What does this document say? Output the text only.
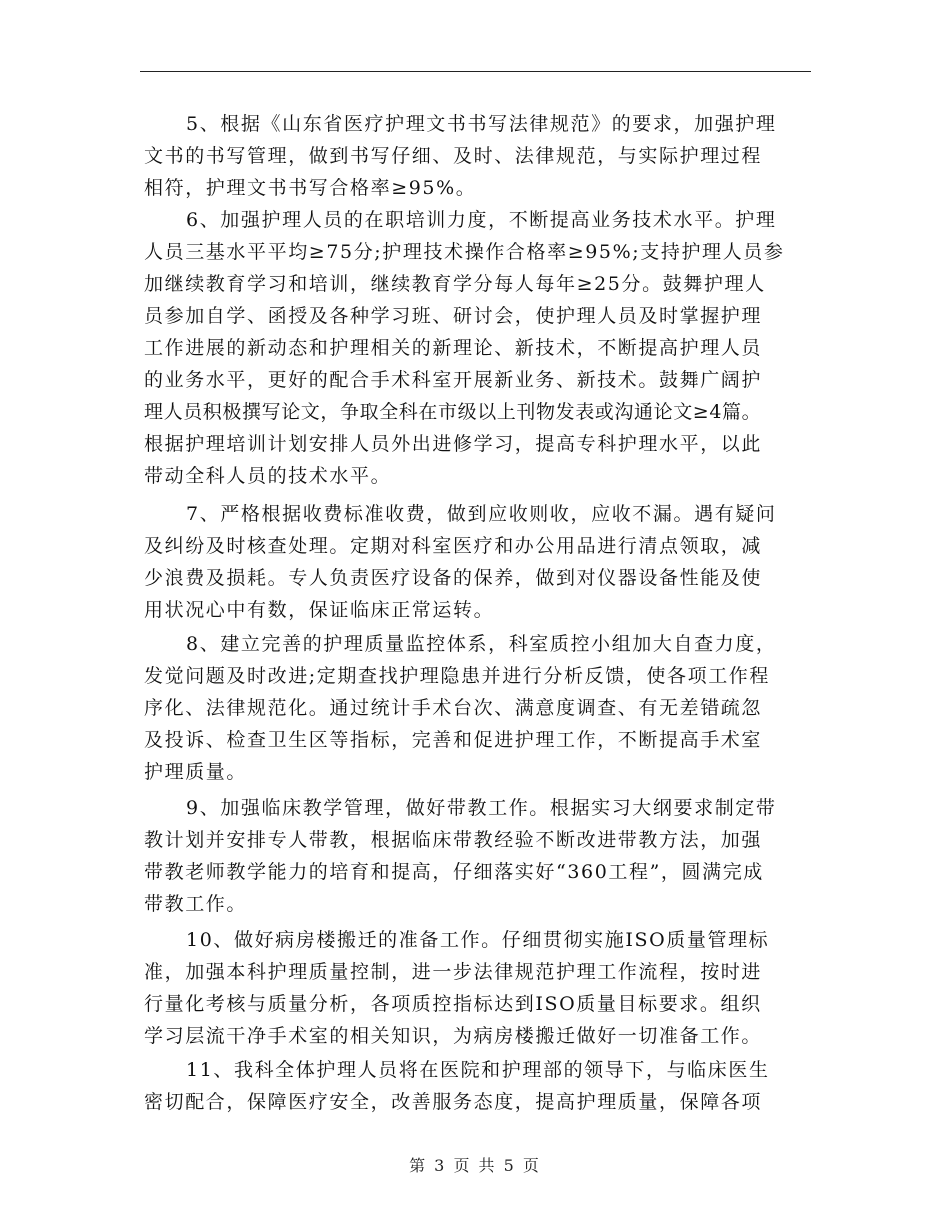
5、根据《山东省医疗护理文书书写法律规范》的要求，加强护理
文书的书写管理，做到书写仔细、及时、法律规范，与实际护理过程
相符，护理文书书写合格率≥95%。
6、加强护理人员的在职培训力度，不断提高业务技术水平。护理
人员三基水平平均≥75分;护理技术操作合格率≥95%;支持护理人员参
加继续教育学习和培训，继续教育学分每人每年≥25分。鼓舞护理人
员参加自学、函授及各种学习班、研讨会，使护理人员及时掌握护理
工作进展的新动态和护理相关的新理论、新技术，不断提高护理人员
的业务水平，更好的配合手术科室开展新业务、新技术。鼓舞广阔护
理人员积极撰写论文，争取全科在市级以上刊物发表或沟通论文≥4篇。
根据护理培训计划安排人员外出进修学习，提高专科护理水平，以此
带动全科人员的技术水平。
7、严格根据收费标准收费，做到应收则收，应收不漏。遇有疑问
及纠纷及时核查处理。定期对科室医疗和办公用品进行清点领取，减
少浪费及损耗。专人负责医疗设备的保养，做到对仪器设备性能及使
用状况心中有数，保证临床正常运转。
8、建立完善的护理质量监控体系，科室质控小组加大自查力度，
发觉问题及时改进;定期查找护理隐患并进行分析反馈，使各项工作程
序化、法律规范化。通过统计手术台次、满意度调查、有无差错疏忽
及投诉、检查卫生区等指标，完善和促进护理工作，不断提高手术室
护理质量。
9、加强临床教学管理，做好带教工作。根据实习大纲要求制定带
教计划并安排专人带教，根据临床带教经验不断改进带教方法，加强
带教老师教学能力的培育和提高，仔细落实好“360工程”，圆满完成
带教工作。
10、做好病房楼搬迁的准备工作。仔细贯彻实施ISO质量管理标
准，加强本科护理质量控制，进一步法律规范护理工作流程，按时进
行量化考核与质量分析，各项质控指标达到ISO质量目标要求。组织
学习层流干净手术室的相关知识，为病房楼搬迁做好一切准备工作。
11、我科全体护理人员将在医院和护理部的领导下，与临床医生
密切配合，保障医疗安全，改善服务态度，提高护理质量，保障各项
第 3 页 共 5 页
